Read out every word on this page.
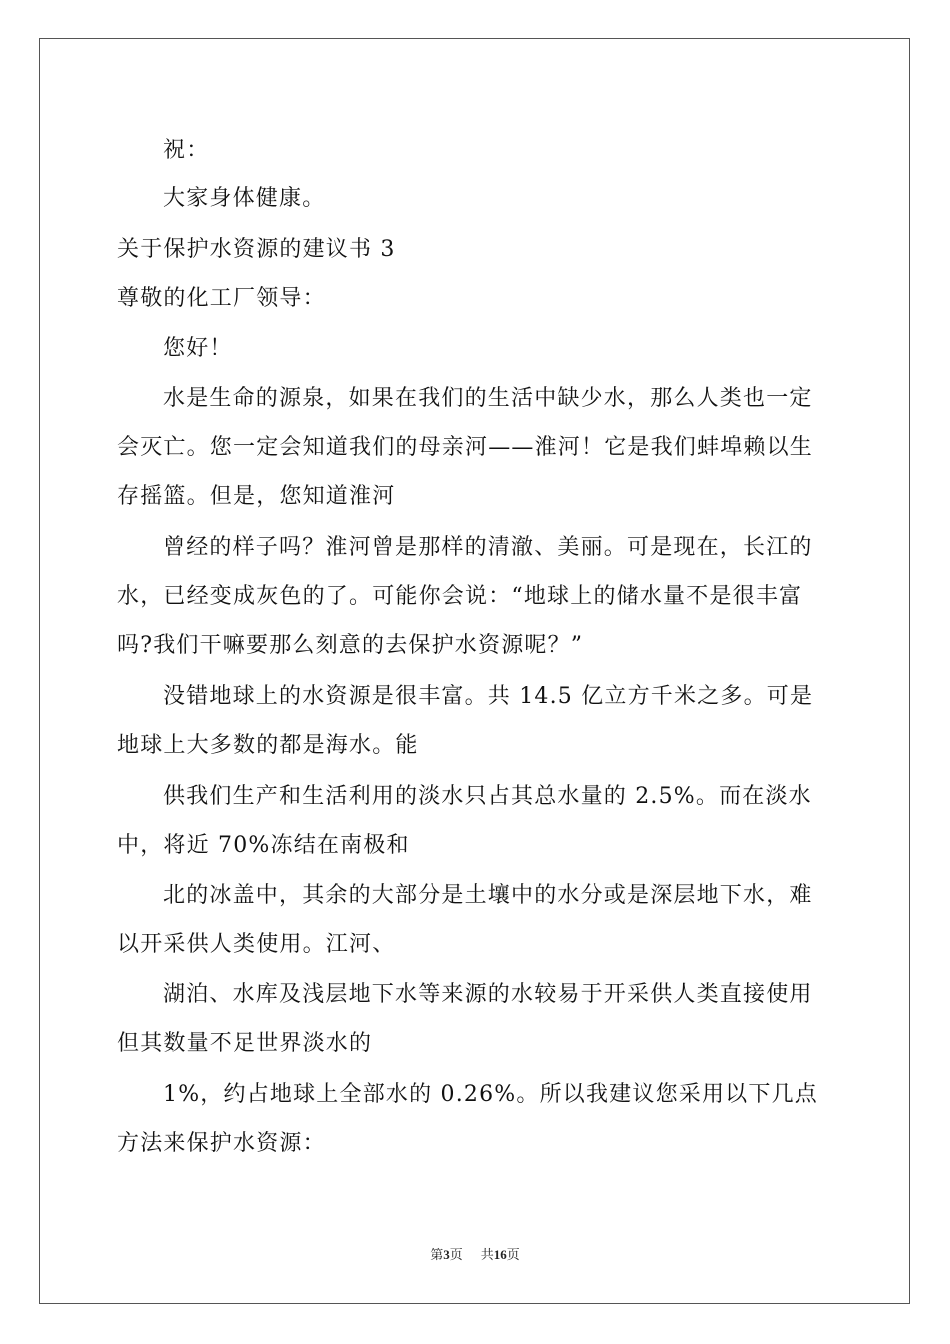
祝：
大家身体健康。
关于保护水资源的建议书 3
尊敬的化工厂领导：
您好！
水是生命的源泉，如果在我们的生活中缺少水，那么人类也一定
会灭亡。您一定会知道我们的母亲河——淮河！它是我们蚌埠赖以生
存摇篮。但是，您知道淮河
曾经的样子吗？淮河曾是那样的清澈、美丽。可是现在，长江的
水，已经变成灰色的了。可能你会说：“地球上的储水量不是很丰富
吗?我们干嘛要那么刻意的去保护水资源呢？”
没错地球上的水资源是很丰富。共 14.5 亿立方千米之多。可是
地球上大多数的都是海水。能
供我们生产和生活利用的淡水只占其总水量的 2.5%。而在淡水
中，将近 70%冻结在南极和
北的冰盖中，其余的大部分是土壤中的水分或是深层地下水，难
以开采供人类使用。江河、
湖泊、水库及浅层地下水等来源的水较易于开采供人类直接使用
但其数量不足世界淡水的
1%，约占地球上全部水的 0.26%。所以我建议您采用以下几点
方法来保护水资源：
第3页 共16页
